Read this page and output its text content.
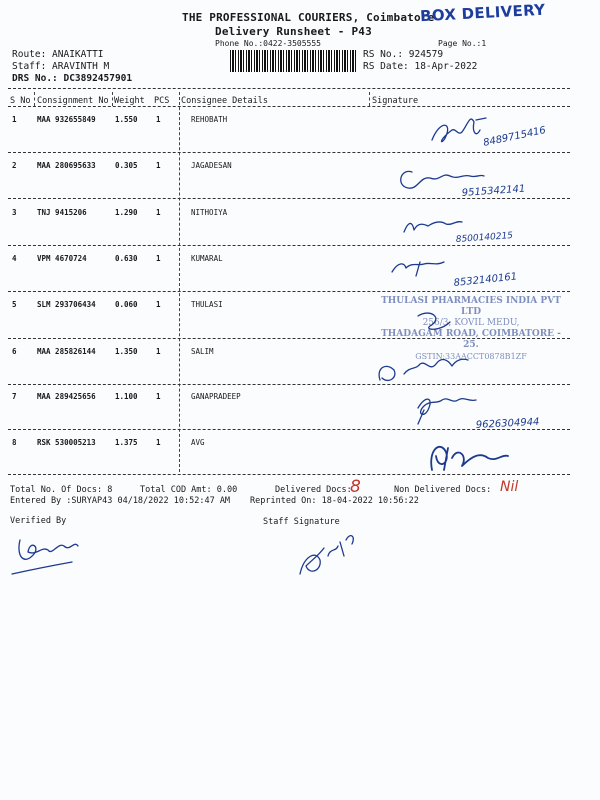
THE PROFESSIONAL COURIERS, Coimbatore
Delivery Runsheet - P43
Phone No.:0422-3505555	Page No.:1
BOX DELIVERY
Route: ANAIKATTI
Staff: ARAVINTH M
DRS No.: DC3892457901
RS No.: 924579
RS Date: 18-Apr-2022
S No Consignment No Weight PCS Consignee Details	Signature
1	MAA 932655849	1.550 1	REHOBATH
2	MAA 280695633	0.305 1	JAGADESAN
3	TNJ 9415206	1.290 1	NITHOIYA
4	VPM 4670724	0.630 1	KUMARAL
5	SLM 293706434	0.060 1	THULASI
6	MAA 285826144	1.350 1	SALIM
7	MAA 289425656	1.100 1	GANAPRADEEP
8	RSK 530005213	1.375 1	AVG
THULASI PHARMACIES INDIA PVT LTD
256/3, KOVIL MEDU,
THADAGAM ROAD, COIMBATORE - 25.
GSTIN:33AACCT0878B1ZF
8489715416
9515342141
8500140215
8532140161
9626304944
Total No. Of Docs: 8	Total COD Amt: 0.00	Delivered Docs:
8	Non Delivered Docs: Nil
Entered By :SURYAP43 04/18/2022 10:52:47 AM Reprinted On: 18-04-2022 10:56:22
Verified By	Staff Signature
